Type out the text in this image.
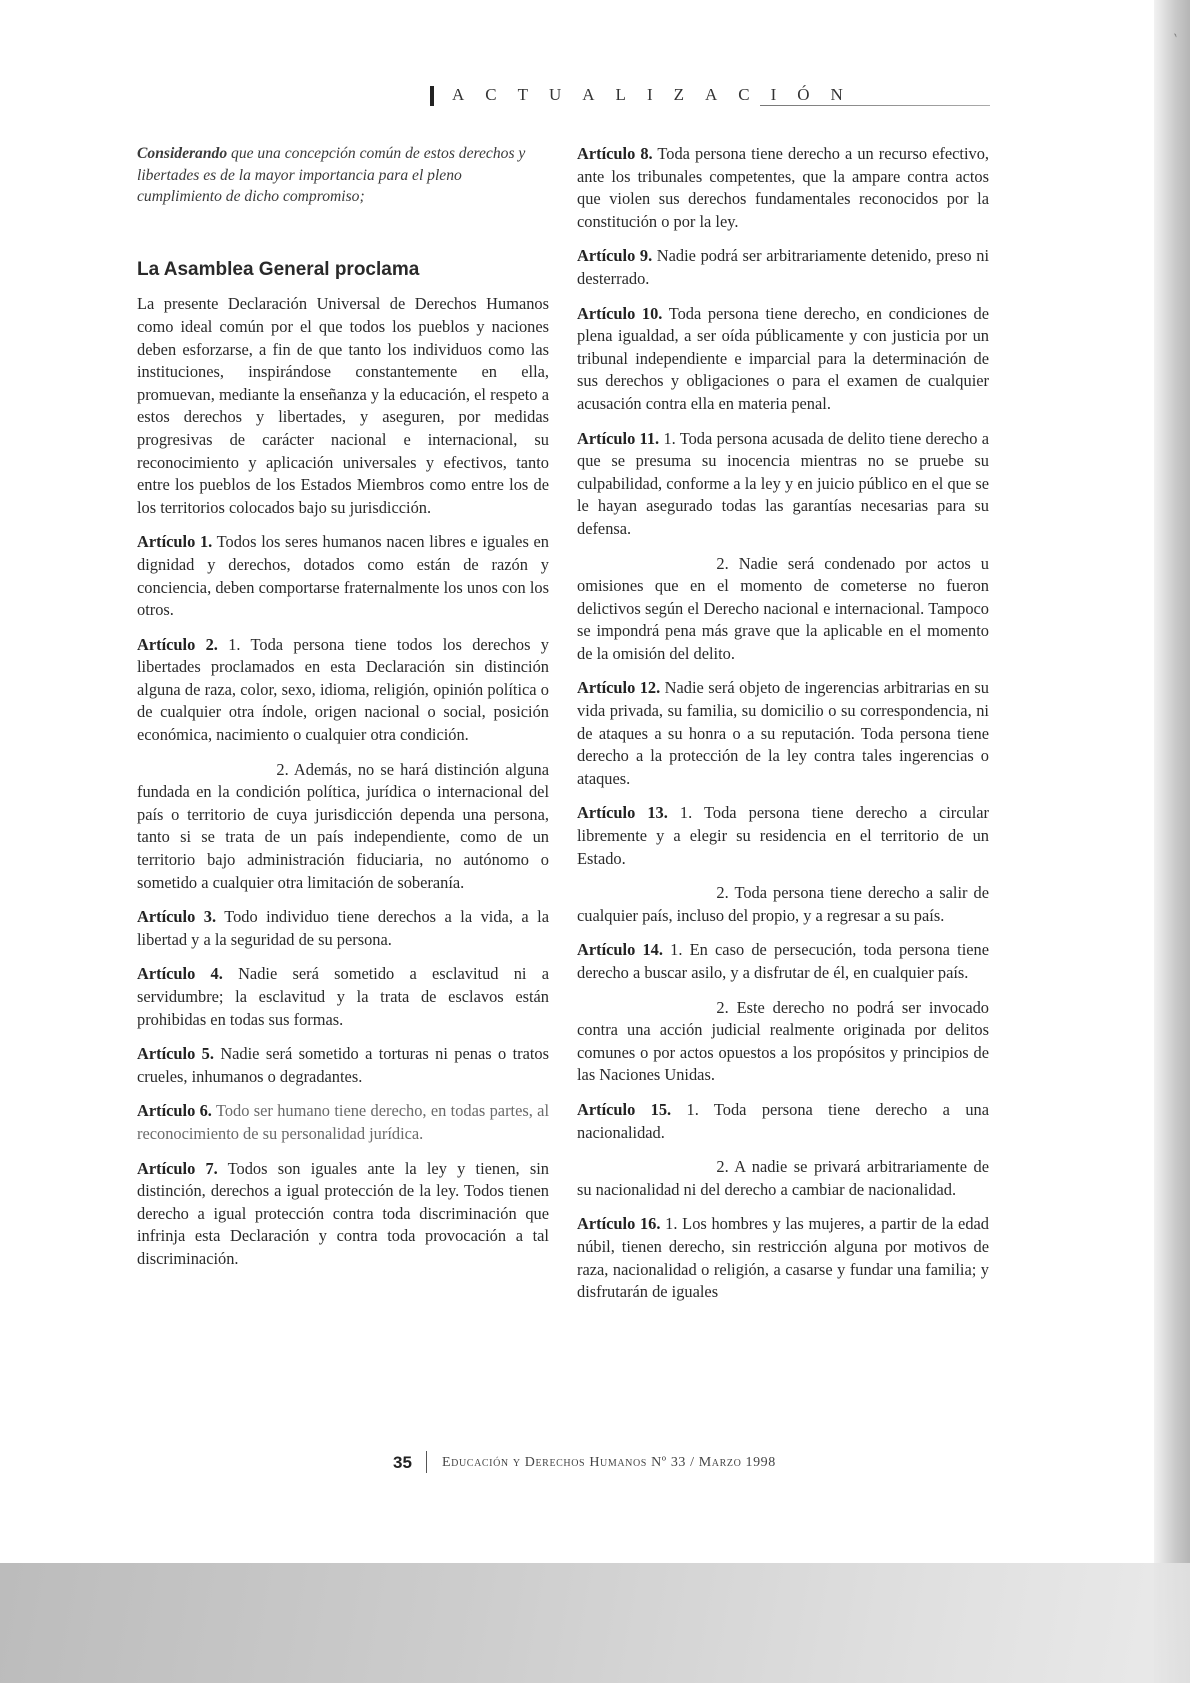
ˋ
ACTUALIZACIÓN

Considerando que una concepción común de estos derechos y libertades es de la mayor importancia para el pleno cumplimiento de dicho compromiso;

La Asamblea General proclama

La presente Declaración Universal de Derechos Humanos como ideal común por el que todos los pueblos y naciones deben esforzarse, a fin de que tanto los individuos como las instituciones, inspirándose constantemente en ella, promuevan, mediante la enseñanza y la educación, el respeto a estos derechos y libertades, y aseguren, por medidas progresivas de carácter nacional e internacional, su reconocimiento y aplicación universales y efectivos, tanto entre los pueblos de los Estados Miembros como entre los de los territorios colocados bajo su jurisdicción.

Artículo 1. Todos los seres humanos nacen libres e iguales en dignidad y derechos, dotados como están de razón y conciencia, deben comportarse fraternalmente los unos con los otros.

Artículo 2. 1. Toda persona tiene todos los derechos y libertades proclamados en esta Declaración sin distinción alguna de raza, color, sexo, idioma, religión, opinión política o de cualquier otra índole, origen nacional o social, posición económica, nacimiento o cualquier otra condición.

2. Además, no se hará distinción alguna fundada en la condición política, jurídica o internacional del país o territorio de cuya jurisdicción dependa una persona, tanto si se trata de un país independiente, como de un territorio bajo administración fiduciaria, no autónomo o sometido a cualquier otra limitación de soberanía.

Artículo 3. Todo individuo tiene derechos a la vida, a la libertad y a la seguridad de su persona.

Artículo 4. Nadie será sometido a esclavitud ni a servidumbre; la esclavitud y la trata de esclavos están prohibidas en todas sus formas.

Artículo 5. Nadie será sometido a torturas ni penas o tratos crueles, inhumanos o degradantes.

Artículo 6. Todo ser humano tiene derecho, en todas partes, al reconocimiento de su personalidad jurídica.

Artículo 7. Todos son iguales ante la ley y tienen, sin distinción, derechos a igual protección de la ley. Todos tienen derecho a igual protección contra toda discriminación que infrinja esta Declaración y contra toda provocación a tal discriminación.

Artículo 8. Toda persona tiene derecho a un recurso efectivo, ante los tribunales competentes, que la ampare contra actos que violen sus derechos fundamentales reconocidos por la constitución o por la ley.

Artículo 9. Nadie podrá ser arbitrariamente detenido, preso ni desterrado.

Artículo 10. Toda persona tiene derecho, en condiciones de plena igualdad, a ser oída públicamente y con justicia por un tribunal independiente e imparcial para la determinación de sus derechos y obligaciones o para el examen de cualquier acusación contra ella en materia penal.

Artículo 11. 1. Toda persona acusada de delito tiene derecho a que se presuma su inocencia mientras no se pruebe su culpabilidad, conforme a la ley y en juicio público en el que se le hayan asegurado todas las garantías necesarias para su defensa.

2. Nadie será condenado por actos u omisiones que en el momento de cometerse no fueron delictivos según el Derecho nacional e internacional. Tampoco se impondrá pena más grave que la aplicable en el momento de la omisión del delito.

Artículo 12. Nadie será objeto de ingerencias arbitrarias en su vida privada, su familia, su domicilio o su correspondencia, ni de ataques a su honra o a su reputación. Toda persona tiene derecho a la protección de la ley contra tales ingerencias o ataques.

Artículo 13. 1. Toda persona tiene derecho a circular libremente y a elegir su residencia en el territorio de un Estado.

2. Toda persona tiene derecho a salir de cualquier país, incluso del propio, y a regresar a su país.

Artículo 14. 1. En caso de persecución, toda persona tiene derecho a buscar asilo, y a disfrutar de él, en cualquier país.

2. Este derecho no podrá ser invocado contra una acción judicial realmente originada por delitos comunes o por actos opuestos a los propósitos y principios de las Naciones Unidas.

Artículo 15. 1. Toda persona tiene derecho a una nacionalidad.

2. A nadie se privará arbitrariamente de su nacionalidad ni del derecho a cambiar de nacionalidad.

Artículo 16. 1. Los hombres y las mujeres, a partir de la edad núbil, tienen derecho, sin restricción alguna por motivos de raza, nacionalidad o religión, a casarse y fundar una familia; y disfrutarán de iguales

35 Educación y Derechos Humanos Nº 33 / Marzo 1998
